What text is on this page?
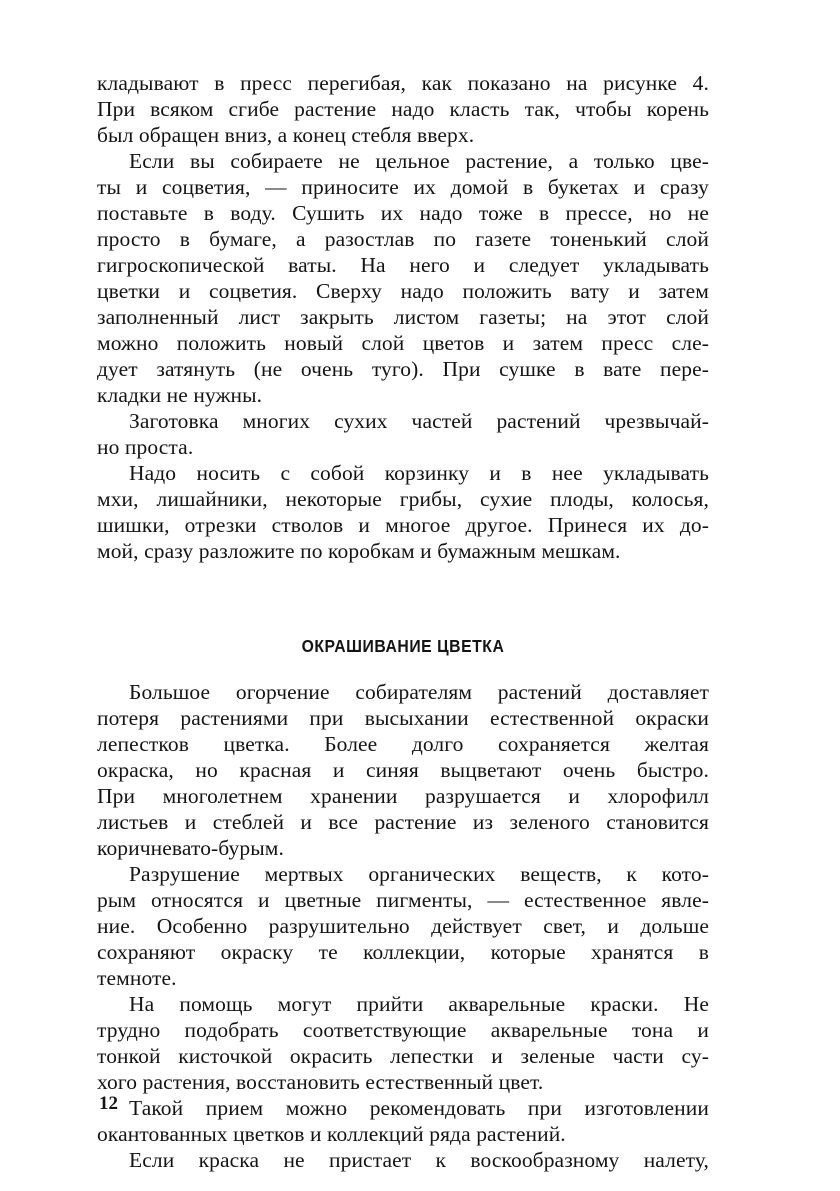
кладывают в пресс перегибая, как показано на рисунке 4.
При всяком сгибе растение надо класть так, чтобы корень
был обращен вниз, а конец стебля вверх.
Если вы собираете не цельное растение, а только цве-
ты и соцветия, — приносите их домой в букетах и сразу
поставьте в воду. Сушить их надо тоже в прессе, но не
просто в бумаге, а разостлав по газете тоненький слой
гигроскопической ваты. На него и следует укладывать
цветки и соцветия. Сверху надо положить вату и затем
заполненный лист закрыть листом газеты; на этот слой
можно положить новый слой цветов и затем пресс сле-
дует затянуть (не очень туго). При сушке в вате пере-
кладки не нужны.
Заготовка многих сухих частей растений чрезвычай-
но проста.
Надо носить с собой корзинку и в нее укладывать
мхи, лишайники, некоторые грибы, сухие плоды, колосья,
шишки, отрезки стволов и многое другое. Принеся их до-
мой, сразу разложите по коробкам и бумажным мешкам.
ОКРАШИВАНИЕ ЦВЕТКА
Большое огорчение собирателям растений доставляет
потеря растениями при высыхании естественной окраски
лепестков цветка. Более долго сохраняется желтая
окраска, но красная и синяя выцветают очень быстро.
При многолетнем хранении разрушается и хлорофилл
листьев и стеблей и все растение из зеленого становится
коричневато-бурым.
Разрушение мертвых органических веществ, к кото-
рым относятся и цветные пигменты, — естественное явле-
ние. Особенно разрушительно действует свет, и дольше
сохраняют окраску те коллекции, которые хранятся в
темноте.
На помощь могут прийти акварельные краски. Не
трудно подобрать соответствующие акварельные тона и
тонкой кисточкой окрасить лепестки и зеленые части су-
хого растения, восстановить естественный цвет.
Такой прием можно рекомендовать при изготовлении
окантованных цветков и коллекций ряда растений.
Если краска не пристает к воскообразному налету,
12
